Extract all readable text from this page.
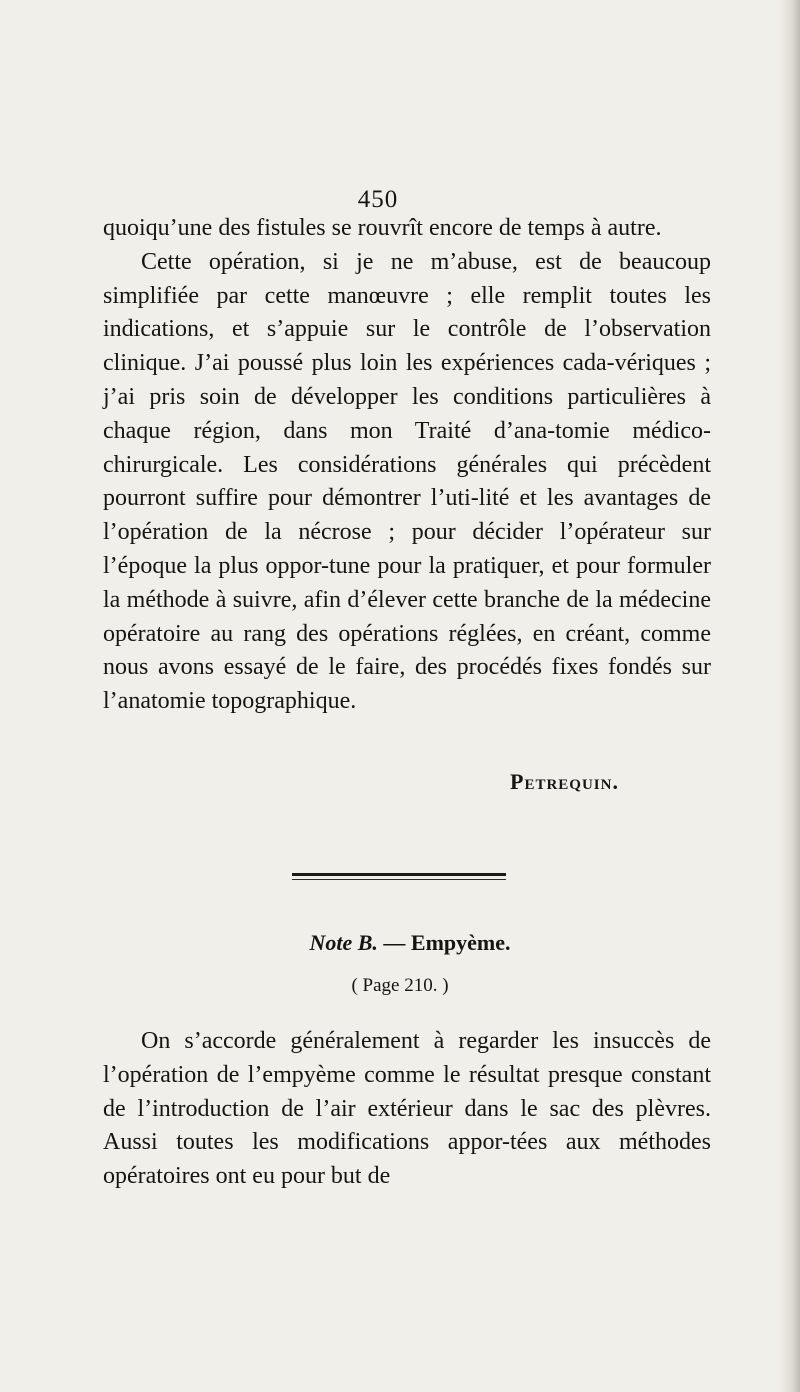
450

quoiqu’une des fistules se rouvrît encore de temps à autre.

Cette opération, si je ne m’abuse, est de beaucoup simplifiée par cette manœuvre ; elle remplit toutes les indications, et s’appuie sur le contrôle de l’observation clinique. J’ai poussé plus loin les expériences cada-vériques ; j’ai pris soin de développer les conditions particulières à chaque région, dans mon Traité d’ana-tomie médico-chirurgicale. Les considérations générales qui précèdent pourront suffire pour démontrer l’uti-lité et les avantages de l’opération de la nécrose ; pour décider l’opérateur sur l’époque la plus oppor-tune pour la pratiquer, et pour formuler la méthode à suivre, afin d’élever cette branche de la médecine opératoire au rang des opérations réglées, en créant, comme nous avons essayé de le faire, des procédés fixes fondés sur l’anatomie topographique.

Petrequin.
Note B. — Empyème.
( Page 210. )

On s’accorde généralement à regarder les insuccès de l’opération de l’empyème comme le résultat presque constant de l’introduction de l’air extérieur dans le sac des plèvres. Aussi toutes les modifications appor-tées aux méthodes opératoires ont eu pour but de
